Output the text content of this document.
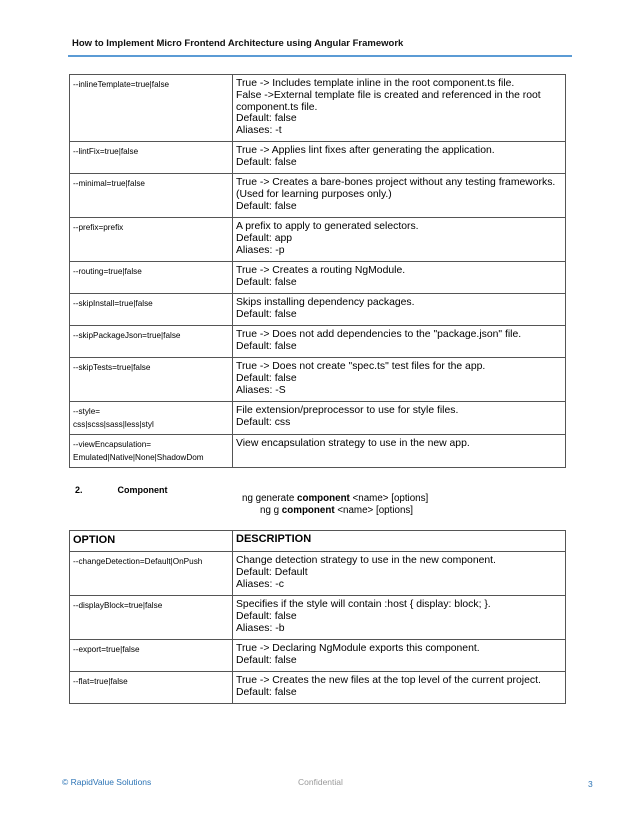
How to Implement Micro Frontend Architecture using Angular Framework
--inlineTemplate=true|false	True -> Includes template inline in the root component.ts file.
False ->External template file is created and referenced in the root
component.ts file.
Default: false
Aliases: -t

--lintFix=true|false	True -> Applies lint fixes after generating the application.
Default: false

--minimal=true|false	True -> Creates a bare-bones project without any testing frameworks.
(Used for learning purposes only.)
Default: false

--prefix=prefix	A prefix to apply to generated selectors.
Default: app
Aliases: -p

--routing=true|false	True -> Creates a routing NgModule.
Default: false

--skipInstall=true|false	Skips installing dependency packages.
Default: false

--skipPackageJson=true|false	True -> Does not add dependencies to the "package.json" file.
Default: false

--skipTests=true|false	True -> Does not create "spec.ts" test files for the app.
Default: false
Aliases: -S

--style=
css|scss|sass|less|styl	File extension/preprocessor to use for style files.
Default: css

--viewEncapsulation=
Emulated|Native|None|ShadowDom	View encapsulation strategy to use in the new app.
2.	Component
ng generate component <name> [options]
ng g component <name> [options]
OPTION	DESCRIPTION

--changeDetection=Default|OnPush	Change detection strategy to use in the new component.
Default: Default
Aliases: -c

--displayBlock=true|false	Specifies if the style will contain :host { display: block; }.
Default: false
Aliases: -b

--export=true|false	True -> Declaring NgModule exports this component.
Default: false

--flat=true|false	True -> Creates the new files at the top level of the current project.
Default: false
© RapidValue Solutions	Confidential	3
